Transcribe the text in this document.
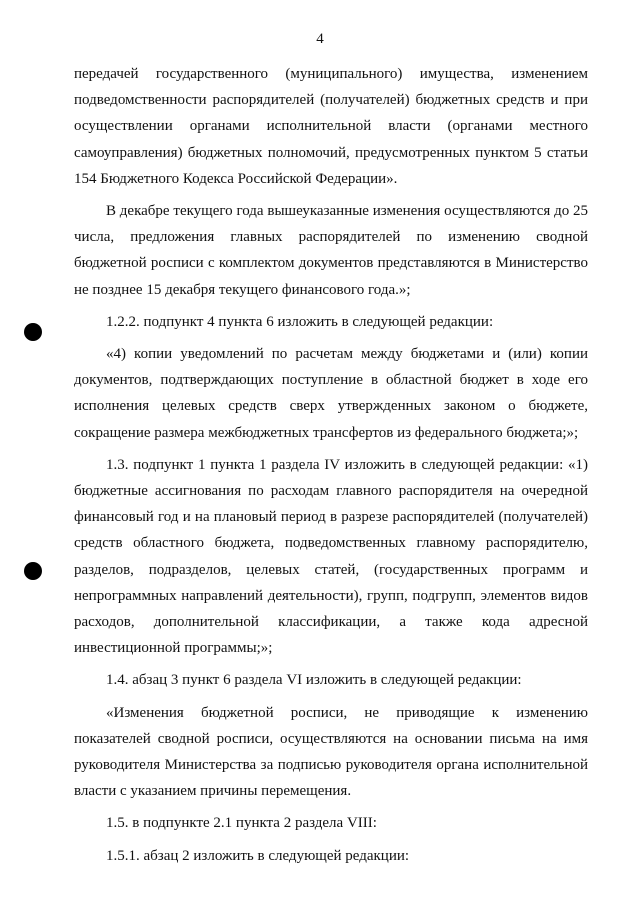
4

передачей государственного (муниципального) имущества, изменением подведомственности распорядителей (получателей) бюджетных средств и при осуществлении органами исполнительной власти (органами местного самоуправления) бюджетных полномочий, предусмотренных пунктом 5 статьи 154 Бюджетного Кодекса Российской Федерации».

В декабре текущего года вышеуказанные изменения осуществляются до 25 числа, предложения главных распорядителей по изменению сводной бюджетной росписи с комплектом документов представляются в Министерство не позднее 15 декабря текущего финансового года.»;

1.2.2. подпункт 4 пункта 6 изложить в следующей редакции:

«4) копии уведомлений по расчетам между бюджетами и (или) копии документов, подтверждающих поступление в областной бюджет в ходе его исполнения целевых средств сверх утвержденных законом о бюджете, сокращение размера межбюджетных трансфертов из федерального бюджета;»;

1.3. подпункт 1 пункта 1 раздела IV изложить в следующей редакции: «1) бюджетные ассигнования по расходам главного распорядителя на очередной финансовый год и на плановый период в разрезе распорядителей (получателей) средств областного бюджета, подведомственных главному распорядителю, разделов, подразделов, целевых статей, (государственных программ и непрограммных направлений деятельности), групп, подгрупп, элементов видов расходов, дополнительной классификации, а также кода адресной инвестиционной программы;»;

1.4. абзац 3 пункт 6 раздела VI изложить в следующей редакции:

«Изменения бюджетной росписи, не приводящие к изменению показателей сводной росписи, осуществляются на основании письма на имя руководителя Министерства за подписью руководителя органа исполнительной власти с указанием причины перемещения.

1.5. в подпункте 2.1 пункта 2 раздела VIII:

1.5.1. абзац 2 изложить в следующей редакции:
